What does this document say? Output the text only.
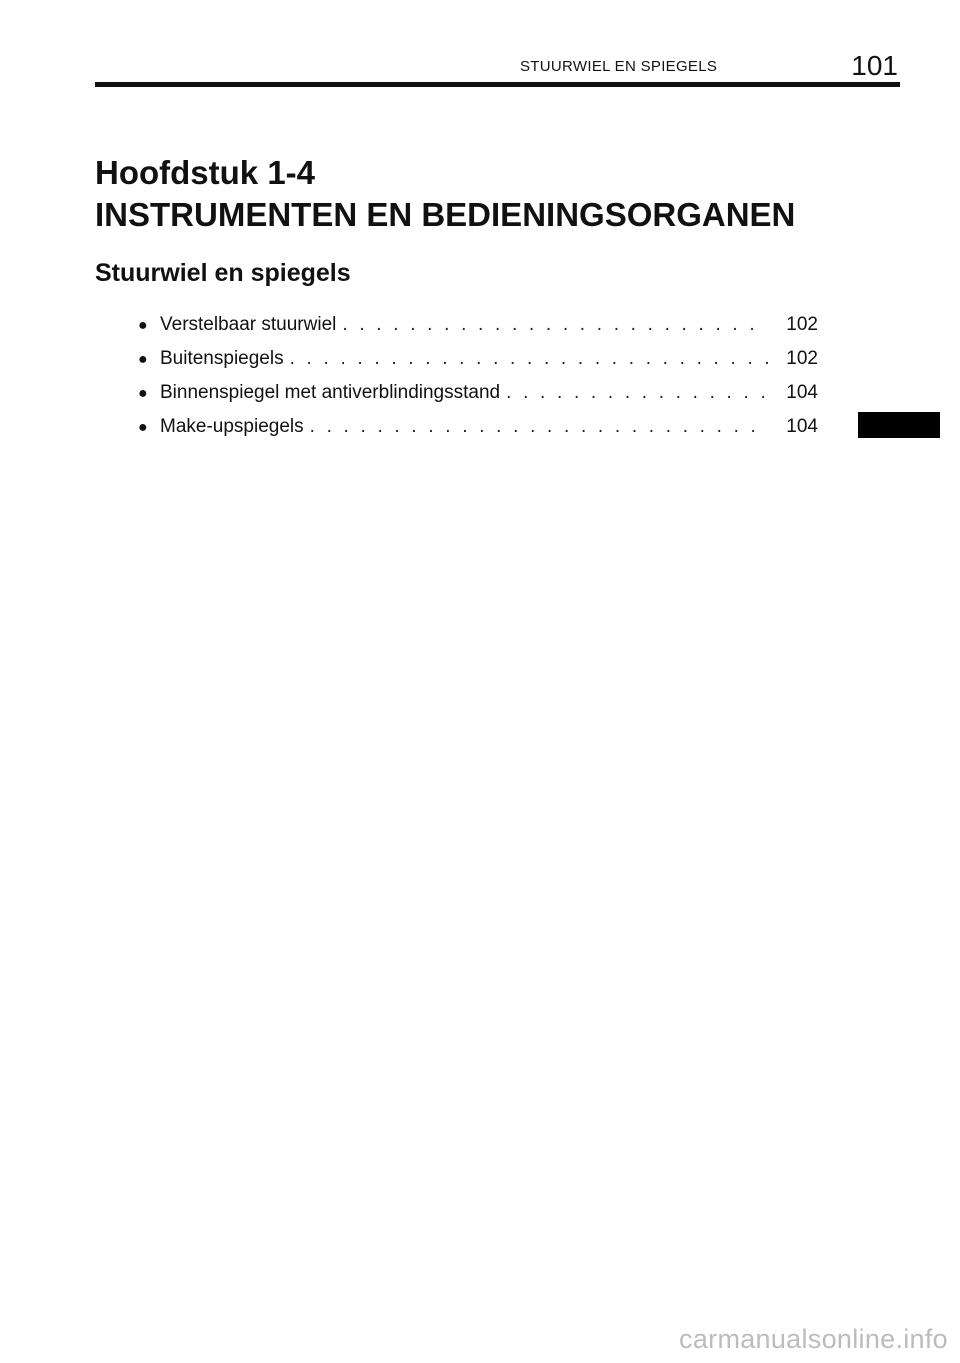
STUURWIEL EN SPIEGELS	101
Hoofdstuk 1-4
INSTRUMENTEN EN BEDIENINGSORGANEN
Stuurwiel en spiegels
● Verstelbaar stuurwiel . . .	102
● Buitenspiegels . . .	102
● Binnenspiegel met antiverblindingsstand . . .	104
● Make-upspiegels . . .	104
carmanualsonline.info
